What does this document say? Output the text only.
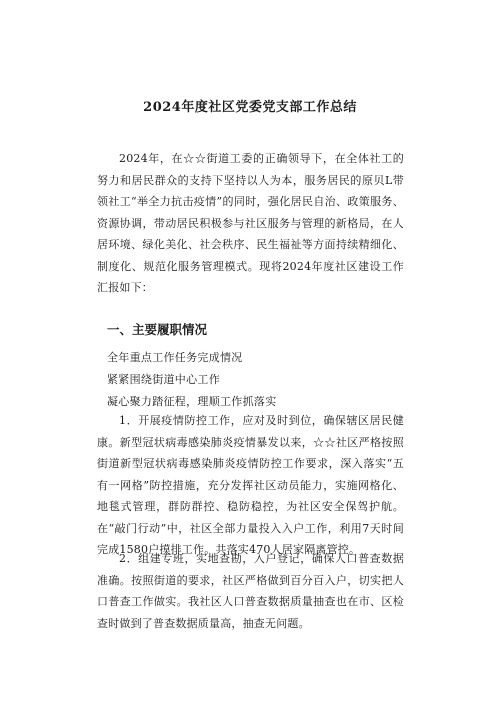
2024年度社区党委党支部工作总结
2024年，在☆☆街道工委的正确领导下，在全体社工的努力和居民群众的支持下坚持以人为本，服务居民的原贝L带领社工“举全力抗击疫情”的同时，强化居民自治、政策服务、资源协调，带动居民积极参与社区服务与管理的新格局，在人居环境、绿化美化、社会秩序、民生福祉等方面持续精细化、制度化、规范化服务管理模式。现将2024年度社区建设工作汇报如下：
一、主要履职情况
全年重点工作任务完成情况
紧紧围绕街道中心工作
凝心聚力踏征程，理顺工作抓落实
1．开展疫情防控工作，应对及时到位，确保辖区居民健康。新型冠状病毒感染肺炎疫情暴发以来，☆☆社区严格按照街道新型冠状病毒感染肺炎疫情防控工作要求，深入落实“五有一网格”防控措施，充分发挥社区动员能力，实施网格化、地毯式管理，群防群控、稳防稳控，为社区安全保驾护航。在“敲门行动”中，社区全部力量投入入户工作，利用7天时间完成1580户摸排工作。共落实470人居家隔离管控。
2．组建专班，实地查勘，入户登记，确保人口普查数据准确。按照街道的要求，社区严格做到百分百入户，切实把人口普查工作做实。我社区人口普查数据质量抽查也在市、区检查时做到了普查数据质量高，抽查无问题。
